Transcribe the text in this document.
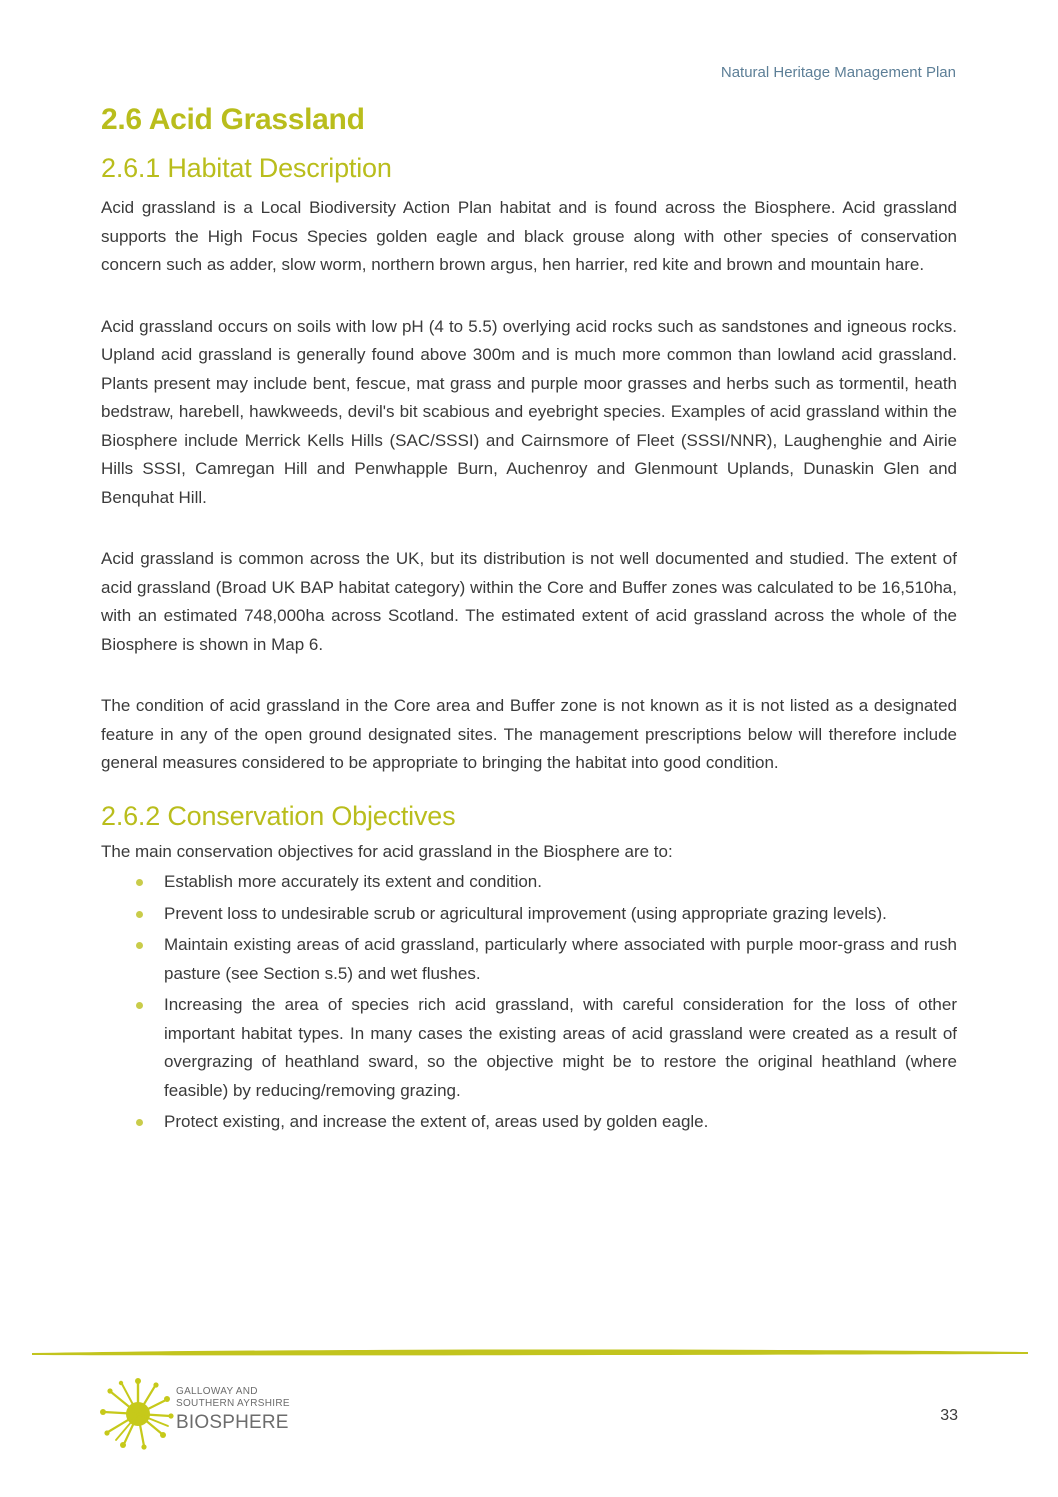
Natural Heritage Management Plan
2.6 Acid Grassland
2.6.1 Habitat Description

Acid grassland is a Local Biodiversity Action Plan habitat and is found across the Biosphere. Acid grassland supports the High Focus Species golden eagle and black grouse along with other species of conservation concern such as adder, slow worm, northern brown argus, hen harrier, red kite and brown and mountain hare.

Acid grassland occurs on soils with low pH (4 to 5.5) overlying acid rocks such as sandstones and igneous rocks. Upland acid grassland is generally found above 300m and is much more common than lowland acid grassland. Plants present may include bent, fescue, mat grass and purple moor grasses and herbs such as tormentil, heath bedstraw, harebell, hawkweeds, devil's bit scabious and eyebright species. Examples of acid grassland within the Biosphere include Merrick Kells Hills (SAC/SSSI) and Cairnsmore of Fleet (SSSI/NNR), Laughenghie and Airie Hills SSSI, Camregan Hill and Penwhapple Burn, Auchenroy and Glenmount Uplands, Dunaskin Glen and Benquhat Hill.

Acid grassland is common across the UK, but its distribution is not well documented and studied. The extent of acid grassland (Broad UK BAP habitat category) within the Core and Buffer zones was calculated to be 16,510ha, with an estimated 748,000ha across Scotland. The estimated extent of acid grassland across the whole of the Biosphere is shown in Map 6.

The condition of acid grassland in the Core area and Buffer zone is not known as it is not listed as a designated feature in any of the open ground designated sites. The management prescriptions below will therefore include general measures considered to be appropriate to bringing the habitat into good condition.

2.6.2 Conservation Objectives

The main conservation objectives for acid grassland in the Biosphere are to:

Establish more accurately its extent and condition.
Prevent loss to undesirable scrub or agricultural improvement (using appropriate grazing levels).
Maintain existing areas of acid grassland, particularly where associated with purple moor-grass and rush pasture (see Section s.5) and wet flushes.
Increasing the area of species rich acid grassland, with careful consideration for the loss of other important habitat types. In many cases the existing areas of acid grassland were created as a result of overgrazing of heathland sward, so the objective might be to restore the original heathland (where feasible) by reducing/removing grazing.
Protect existing, and increase the extent of, areas used by golden eagle.
GALLOWAY AND
SOUTHERN AYRSHIRE
BIOSPHERE	33
